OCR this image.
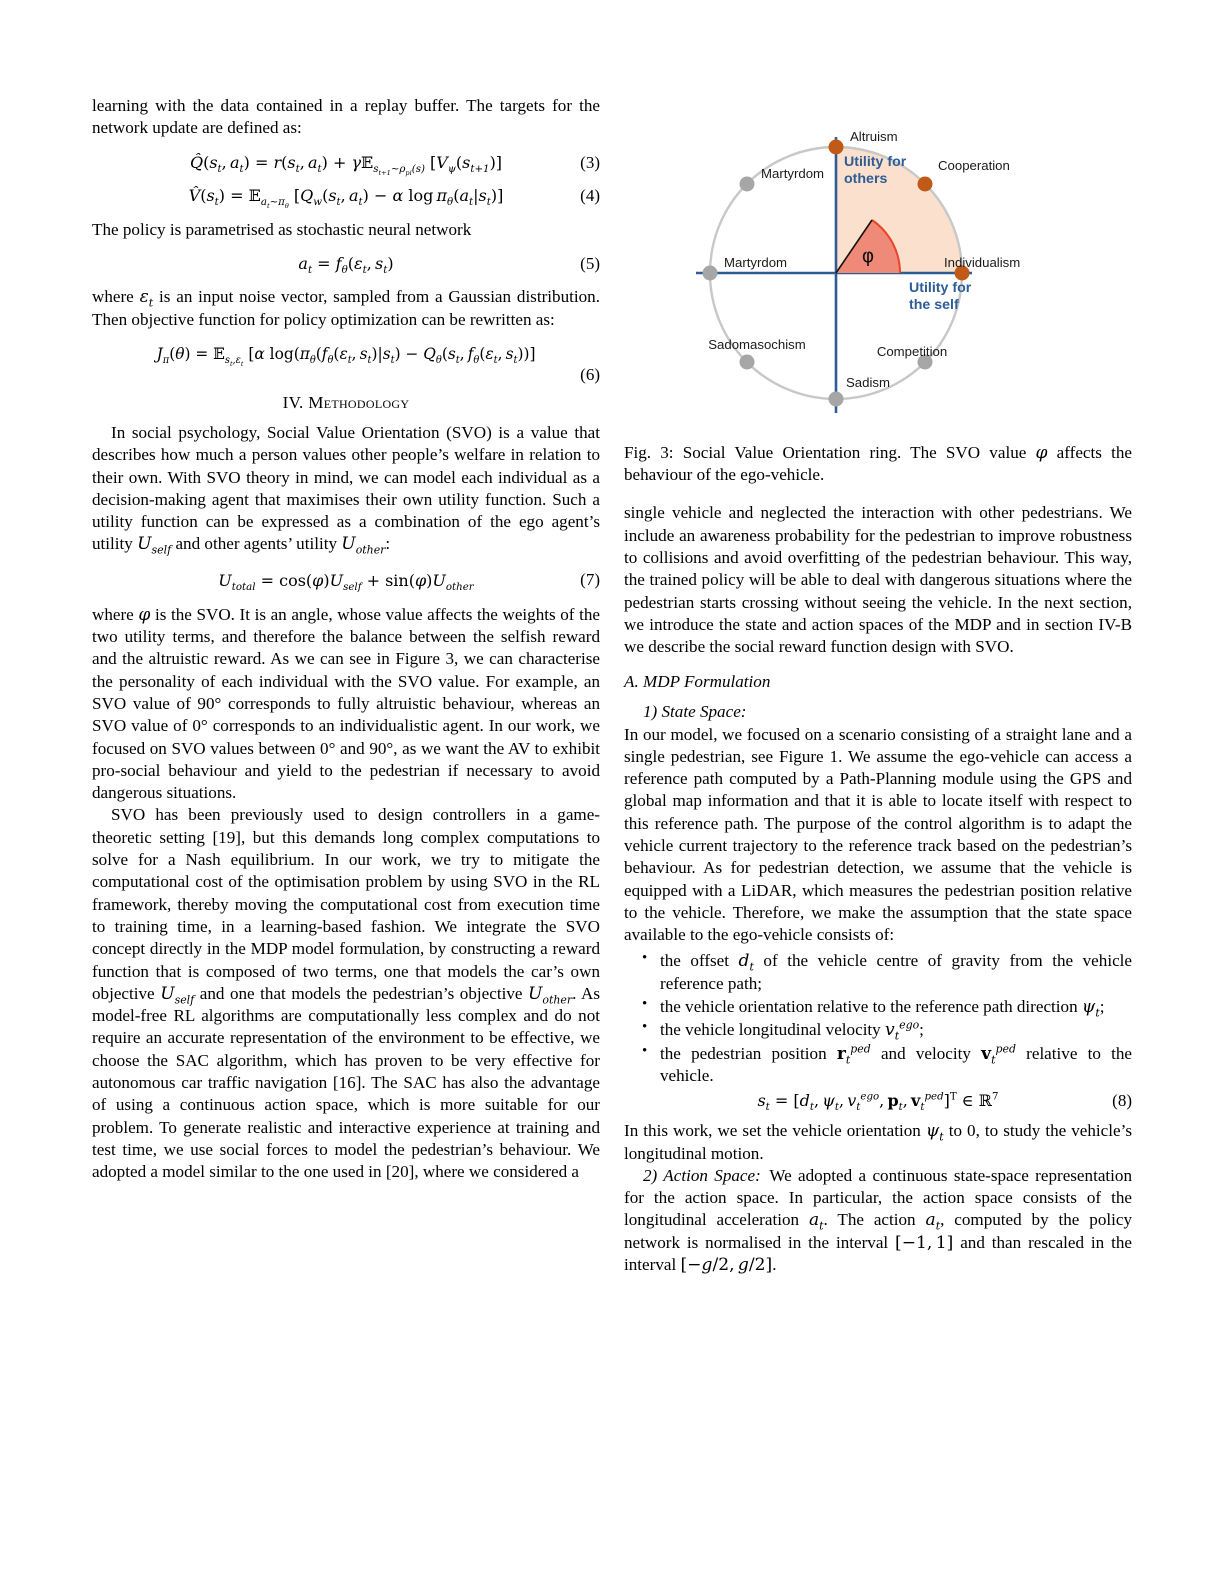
learning with the data contained in a replay buffer. The targets for the network update are defined as:

$Q̂(s_t$, $a_t) = r(s_t$, $a_t$) + γ𝔼$_{s_{t+1}\sim\rho_{pi}(s)}$ $[V_\psi(s_{t+1})]$	(3)
$V̂(s_t)$ = 𝔼$_{a_t\sim\pi_\theta}$ [$Q_w(s_t$, $a_t) - \alpha$ $\log \pi_\theta(a_t|s_t)$]	(4)

The policy is parametrised as stochastic neural network

$a_t = f_\theta(\varepsilon_t$, $s_t$)	(5)

where $\varepsilon_t$ is an input noise vector, sampled from a Gaussian distribution. Then objective function for policy optimization can be rewritten as:

$J_\pi(\theta)$ = 𝔼$_{s_t,\varepsilon_t}$ [α $\log(\pi_\theta(f_\theta(\varepsilon_t$, $s_t)|s_t) - Q_\theta(s_t$, $f_\theta(\varepsilon_t$, $s_t$))]
(6)
IV. Methodology

In social psychology, Social Value Orientation (SVO) is a value that describes how much a person values other people’s welfare in relation to their own. With SVO theory in mind, we can model each individual as a decision-making agent that maximises their own utility function. Such a utility function can be expressed as a combination of the ego agent’s utility $U_{self}$ and other agents’ utility $U_{other}$:

$U_{total} = \cos(\varphi)U_{self} + \sin(\varphi)U_{other}$	(7)

where φ is the SVO. It is an angle, whose value affects the weights of the two utility terms, and therefore the balance between the selfish reward and the altruistic reward. As we can see in Figure 3, we can characterise the personality of each individual with the SVO value. For example, an SVO value of 90° corresponds to fully altruistic behaviour, whereas an SVO value of 0° corresponds to an individualistic agent. In our work, we focused on SVO values between 0° and 90°, as we want the AV to exhibit pro-social behaviour and yield to the pedestrian if necessary to avoid dangerous situations.

SVO has been previously used to design controllers in a game-theoretic setting [19], but this demands long complex computations to solve for a Nash equilibrium. In our work, we try to mitigate the computational cost of the optimisation problem by using SVO in the RL framework, thereby moving the computational cost from execution time to training time, in a learning-based fashion. We integrate the SVO concept directly in the MDP model formulation, by constructing a reward function that is composed of two terms, one that models the car’s own objective $U_{self}$ and one that models the pedestrian’s objective $U_{other}$. As model-free RL algorithms are computationally less complex and do not require an accurate representation of the environment to be effective, we choose the SAC algorithm, which has proven to be very effective for autonomous car traffic navigation [16]. The SAC has also the advantage of using a continuous action space, which is more suitable for our problem. To generate realistic and interactive experience at training and test time, we use social forces to model the pedestrian’s behaviour. We adopted a model similar to the one used in [20], where we considered a

φ
Altruism
Cooperation
Individualism
Competition
Sadism
Sadomasochism
Martyrdom
Martyrdom
Utility for
others
Utility for
the self
Fig. 3: Social Value Orientation ring. The SVO value φ affects the behaviour of the ego-vehicle.

single vehicle and neglected the interaction with other pedestrians. We include an awareness probability for the pedestrian to improve robustness to collisions and avoid overfitting of the pedestrian behaviour. This way, the trained policy will be able to deal with dangerous situations where the pedestrian starts crossing without seeing the vehicle. In the next section, we introduce the state and action spaces of the MDP and in section IV-B we describe the social reward function design with SVO.

A. MDP Formulation
1) State Space:

In our model, we focused on a scenario consisting of a straight lane and a single pedestrian, see Figure 1. We assume the ego-vehicle can access a reference path computed by a Path-Planning module using the GPS and global map information and that it is able to locate itself with respect to this reference path. The purpose of the control algorithm is to adapt the vehicle current trajectory to the reference track based on the pedestrian’s behaviour. As for pedestrian detection, we assume that the vehicle is equipped with a LiDAR, which measures the pedestrian position relative to the vehicle. Therefore, we make the assumption that the state space available to the ego-vehicle consists of:

• the offset $d_t$ of the vehicle centre of gravity from the vehicle reference path;
• the vehicle orientation relative to the reference path direction $\psi_t$;
• the vehicle longitudinal velocity $v_t^{ego}$;
• the pedestrian position $r_t^{ped}$ and velocity $v_t^{ped}$ relative to the vehicle.
$s_t = [d_t$, $\psi_t$, $v_t^{ego}$, $p_t$, $v_t^{ped}]^T$ ∈ ℝ$^7$	(8)

In this work, we set the vehicle orientation $\psi_t$ to 0, to study the vehicle’s longitudinal motion.

2) Action Space: We adopted a continuous state-space representation for the action space. In particular, the action space consists of the longitudinal acceleration $a_t$. The action $a_t$, computed by the policy network is normalised in the interval [−1, 1] and than rescaled in the interval [−g/2, g/2].
